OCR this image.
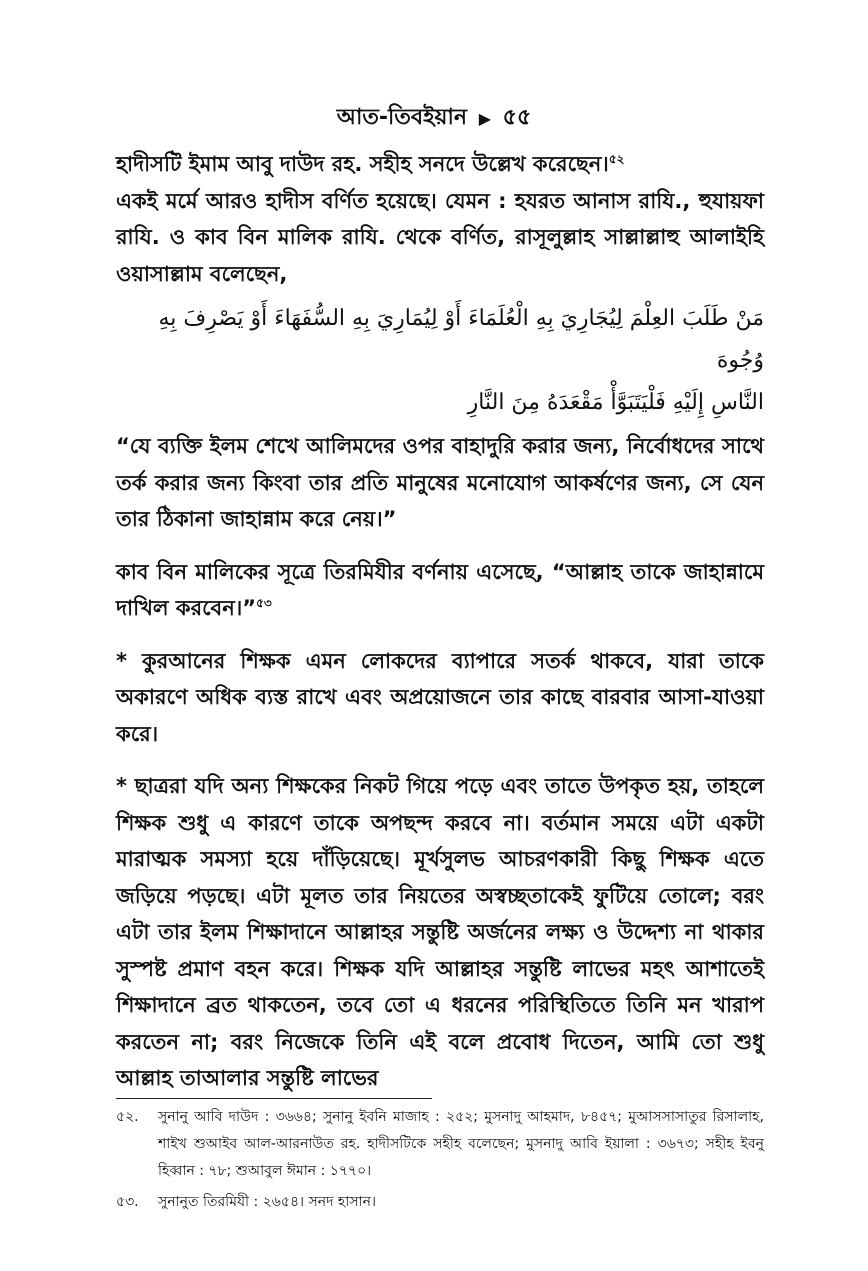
আত-তিবইয়ান ▶ ৫৫

হাদীসটি ইমাম আবু দাউদ রহ. সহীহ সনদে উল্লেখ করেছেন।$^{৫২}$

একই মর্মে আরও হাদীস বর্ণিত হয়েছে। যেমন : হযরত আনাস রাযি., হুযায়ফা রাযি. ও কাব বিন মালিক রাযি. থেকে বর্ণিত, রাসূলুল্লাহ সাল্লাল্লাহু আলাইহি ওয়াসাল্লাম বলেছেন,

مَنْ طَلَبَ العِلْمَ لِيُجَارِيَ بِهِ الْعُلَمَاءَ أَوْ لِيُمَارِيَ بِهِ السُّفَهَاءَ أَوْ يَصْرِفَ بِهِ وُجُوهَ

النَّاسِ إِلَيْهِ فَلْيَتَبَوَّأْ مَقْعَدَهُ مِنَ النَّارِ

“যে ব্যক্তি ইলম শেখে আলিমদের ওপর বাহাদুরি করার জন্য, নির্বোধদের সাথে তর্ক করার জন্য কিংবা তার প্রতি মানুষের মনোযোগ আকর্ষণের জন্য, সে যেন তার ঠিকানা জাহান্নাম করে নেয়।”

কাব বিন মালিকের সূত্রে তিরমিযীর বর্ণনায় এসেছে, “আল্লাহ তাকে জাহান্নামে দাখিল করবেন।”$^{৫৩}$

* কুরআনের শিক্ষক এমন লোকদের ব্যাপারে সতর্ক থাকবে, যারা তাকে অকারণে অধিক ব্যস্ত রাখে এবং অপ্রয়োজনে তার কাছে বারবার আসা-যাওয়া করে।

* ছাত্ররা যদি অন্য শিক্ষকের নিকট গিয়ে পড়ে এবং তাতে উপকৃত হয়, তাহলে শিক্ষক শুধু এ কারণে তাকে অপছন্দ করবে না। বর্তমান সময়ে এটা একটা মারাত্মক সমস্যা হয়ে দাঁড়িয়েছে। মূর্খসুলভ আচরণকারী কিছু শিক্ষক এতে জড়িয়ে পড়ছে। এটা মূলত তার নিয়তের অস্বচ্ছতাকেই ফুটিয়ে তোলে; বরং এটা তার ইলম শিক্ষাদানে আল্লাহর সন্তুষ্টি অর্জনের লক্ষ্য ও উদ্দেশ্য না থাকার সুস্পষ্ট প্রমাণ বহন করে। শিক্ষক যদি আল্লাহর সন্তুষ্টি লাভের মহৎ আশাতেই শিক্ষাদানে ব্রত থাকতেন, তবে তো এ ধরনের পরিস্থিতিতে তিনি মন খারাপ করতেন না; বরং নিজেকে তিনি এই বলে প্রবোধ দিতেন, আমি তো শুধু আল্লাহ তাআলার সন্তুষ্টি লাভের

৫২.	সুনানু আবি দাউদ : ৩৬৬৪; সুনানু ইবনি মাজাহ : ২৫২; মুসনাদু আহমাদ, ৮৪৫৭; মুআসসাসাতুর রিসালাহ, শাইখ শুআইব আল-আরনাউত রহ. হাদীসটিকে সহীহ বলেছেন; মুসনাদু আবি ইয়ালা : ৩৬৭৩; সহীহ ইবনু হিব্বান : ৭৮; শুআবুল ঈমান : ১৭৭০।
৫৩.	সুনানুত তিরমিযী : ২৬৫৪। সনদ হাসান।
